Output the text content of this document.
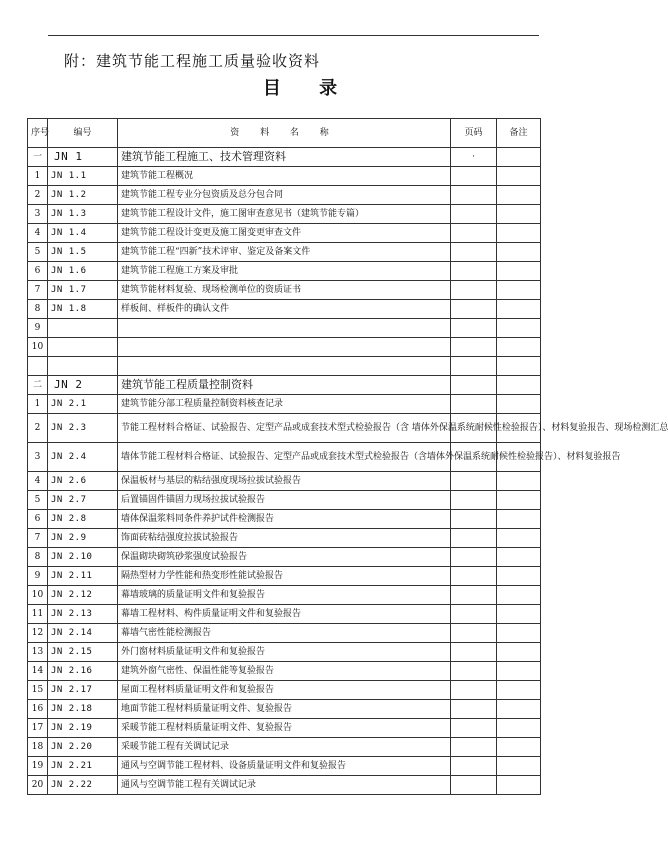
附：建筑节能工程施工质量验收资料
目 录
序号	编号	资 料 名 称	页码	备注
一	JN 1	建筑节能工程施工、技术管理资料	·	
1	JN 1.1	建筑节能工程概况		
2	JN 1.2	建筑节能工程专业分包资质及总分包合同		
3	JN 1.3	建筑节能工程设计文件，施工图审查意见书（建筑节能专篇）		
4	JN 1.4	建筑节能工程设计变更及施工图变更审查文件		
5	JN 1.5	建筑节能工程“四新”技术评审、鉴定及备案文件		
6	JN 1.6	建筑节能工程施工方案及审批		
7	JN 1.7	建筑节能材料复验、现场检测单位的资质证书		
8	JN 1.8	样板间、样板件的确认文件		
9				
10				

二	JN 2	建筑节能工程质量控制资料		
1	JN 2.1	建筑节能分部工程质量控制资料核查记录		
2	JN 2.3	节能工程材料合格证、试验报告、定型产品或成套技术型式检验报告（含 墙体外保温系统耐候性检验报告）、材料复验报告、现场检测汇总		
3	JN 2.4	墙体节能工程材料合格证、试验报告、定型产品或成套技术型式检验报告（含墙体外保温系统耐候性检验报告）、材料复验报告		
4	JN 2.6	保温板材与基层的粘结强度现场拉拔试验报告		
5	JN 2.7	后置锚固件锚固力现场拉拔试验报告		
6	JN 2.8	墙体保温浆料同条件养护试件检测报告		
7	JN 2.9	饰面砖粘结强度拉拔试验报告		
8	JN 2.10	保温砌块砌筑砂浆强度试验报告		
9	JN 2.11	隔热型材力学性能和热变形性能试验报告		
10	JN 2.12	幕墙玻璃的质量证明文件和复验报告		
11	JN 2.13	幕墙工程材料、构件质量证明文件和复验报告		
12	JN 2.14	幕墙气密性能检测报告		
13	JN 2.15	外门窗材料质量证明文件和复验报告		
14	JN 2.16	建筑外窗气密性、保温性能等复验报告		
15	JN 2.17	屋面工程材料质量证明文件和复验报告		
16	JN 2.18	地面节能工程材料质量证明文件、复验报告		
17	JN 2.19	采暖节能工程材料质量证明文件、复验报告		
18	JN 2.20	采暖节能工程有关调试记录		
19	JN 2.21	通风与空调节能工程材料、设备质量证明文件和复验报告		
20	JN 2.22	通风与空调节能工程有关调试记录		
